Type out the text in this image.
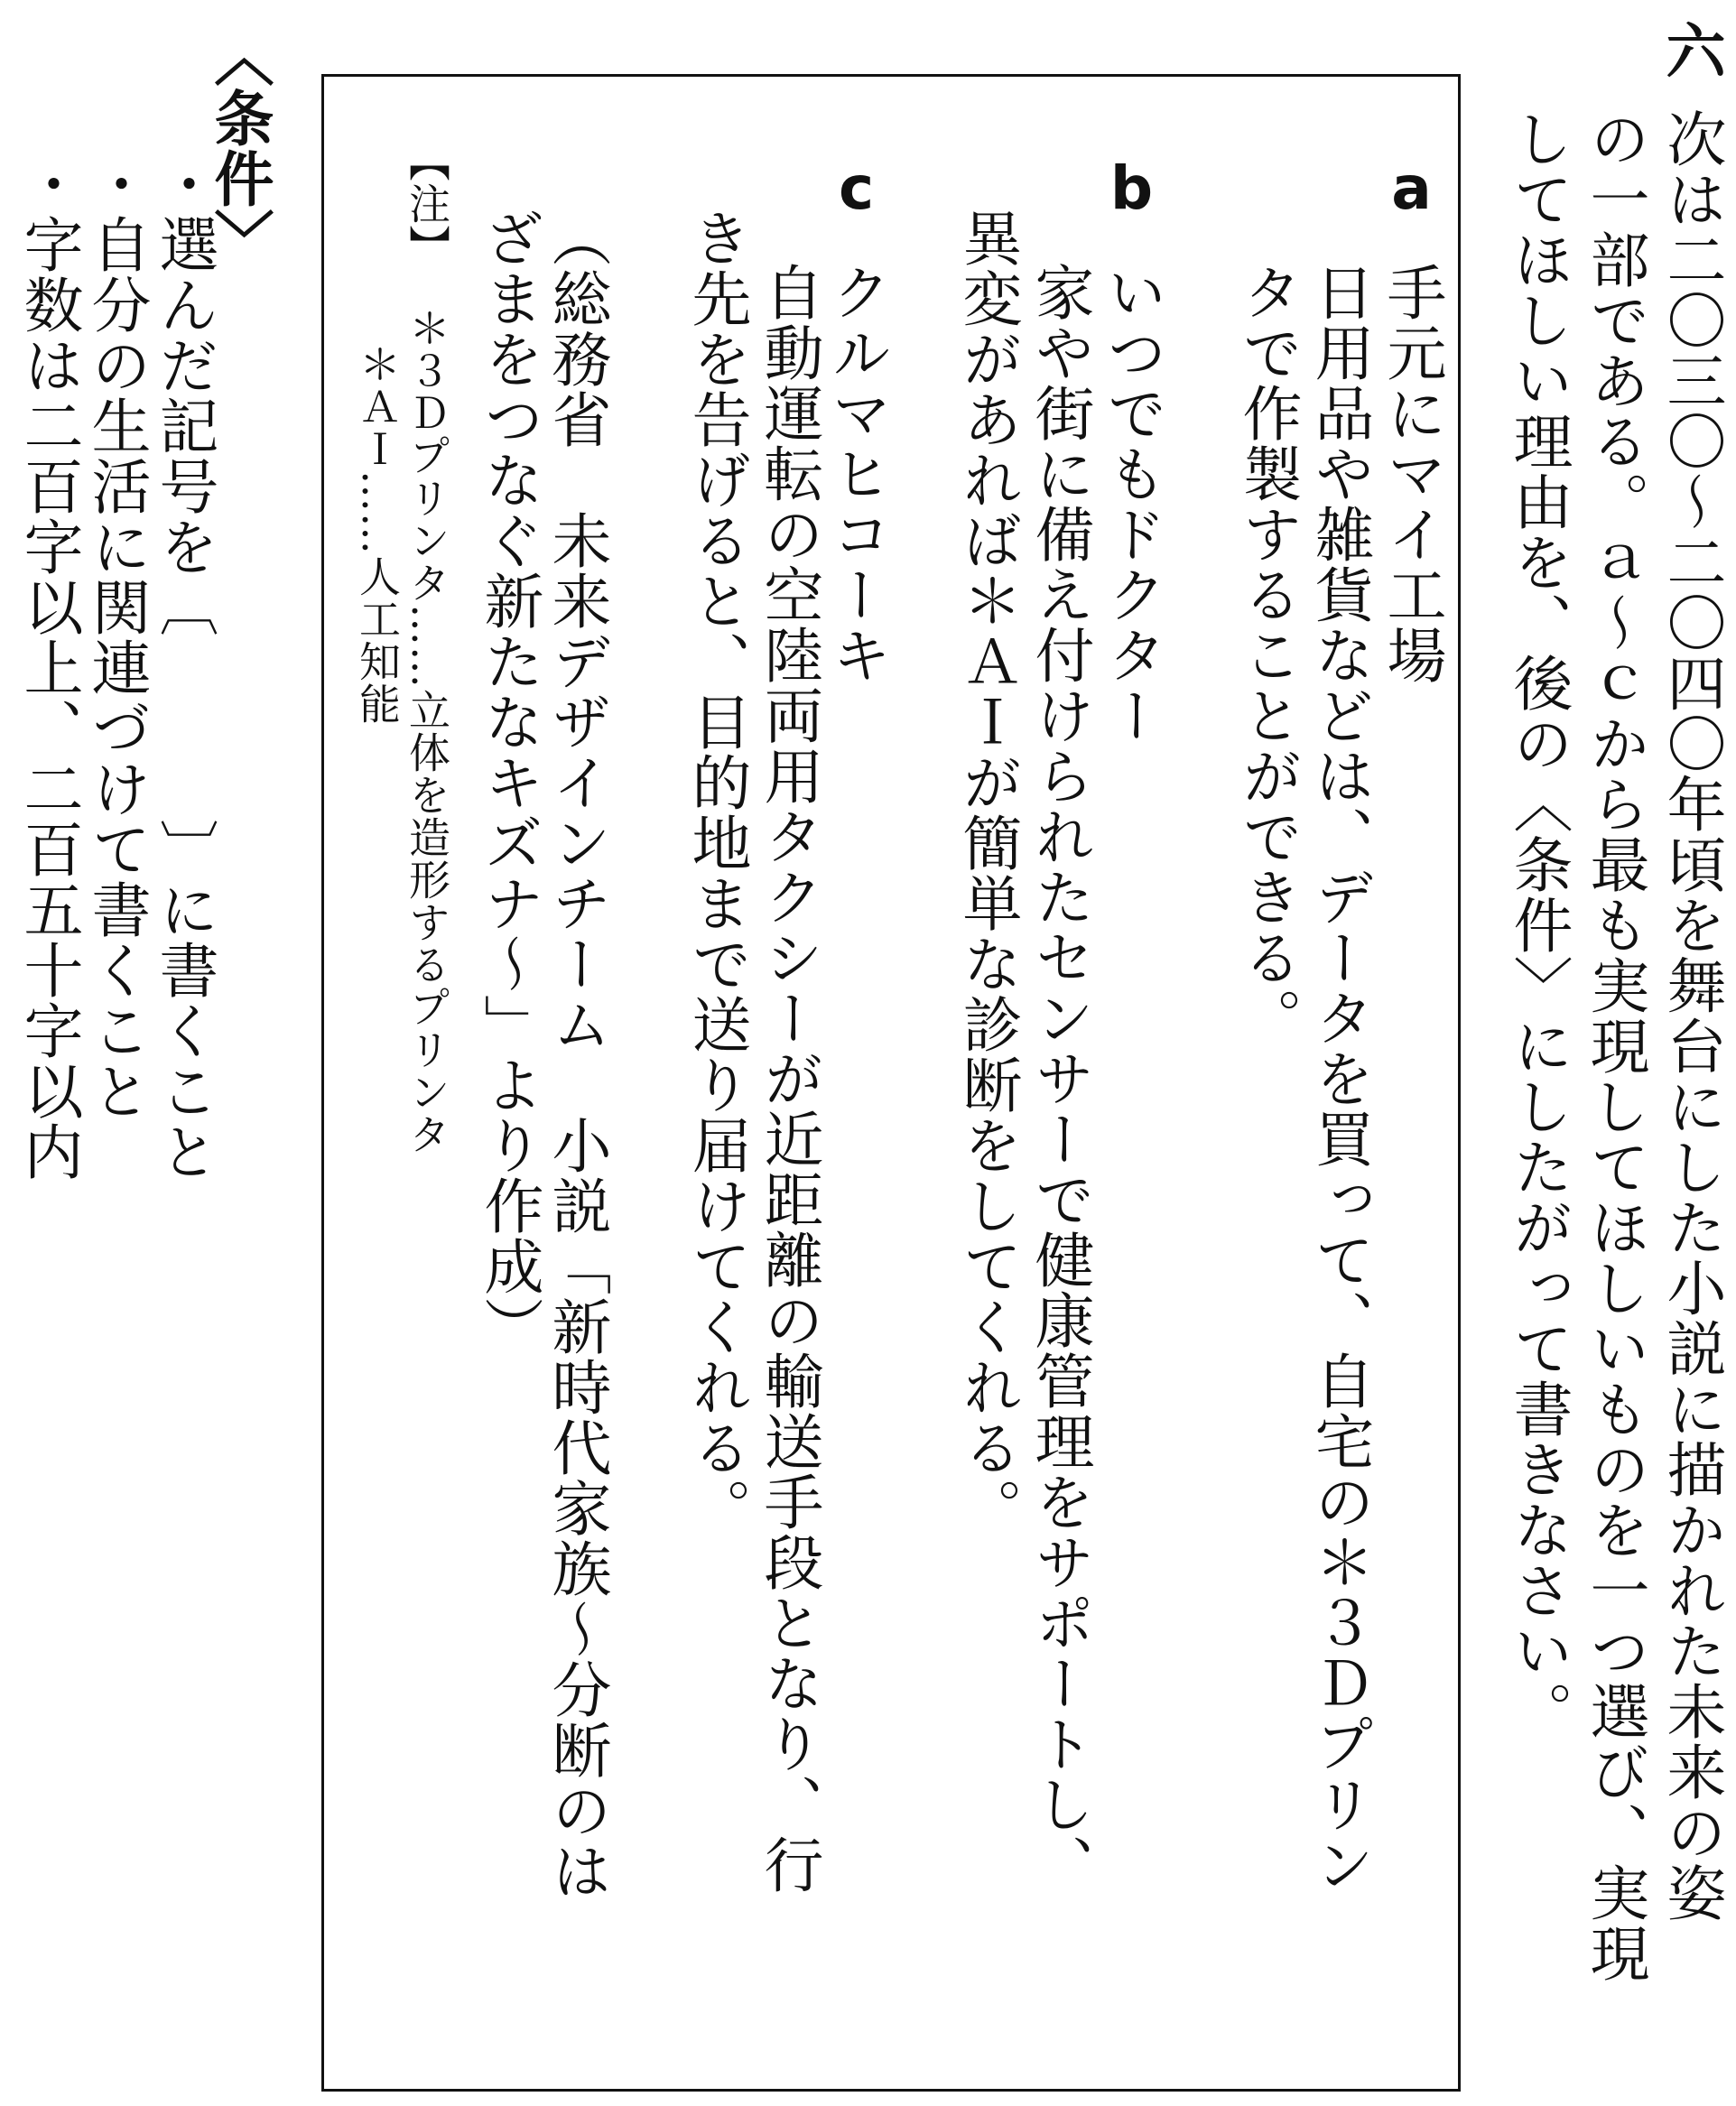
六
次は二〇三〇～二〇四〇年頃を舞台にした小説に描かれた未来の姿
の一部である。ａ～ｃから最も実現してほしいものを一つ選び、実現
してほしい理由を、後の〈条件〉にしたがって書きなさい。
a
手元にマイ工場
日用品や雑貨などは、データを買って、自宅の＊３Ｄプリン
タで作製することができる。
b
いつでもドクター
家や街に備え付けられたセンサーで健康管理をサポートし、
異変があれば＊ＡＩが簡単な診断をしてくれる。
c
クルマヒコーキ
自動運転の空陸両用タクシーが近距離の輸送手段となり、行
き先を告げると、目的地まで送り届けてくれる。
（総務省　未来デザインチーム　小説「新時代家族～分断のは
ざまをつなぐ新たなキズナ～」より作成）
【注】
＊３Ｄプリンタ……立体を造形するプリンタ
＊ＡＩ……人工知能
〈条件〉
・選んだ記号を〔　　　〕に書くこと
・自分の生活に関連づけて書くこと
・字数は二百字以上、二百五十字以内
